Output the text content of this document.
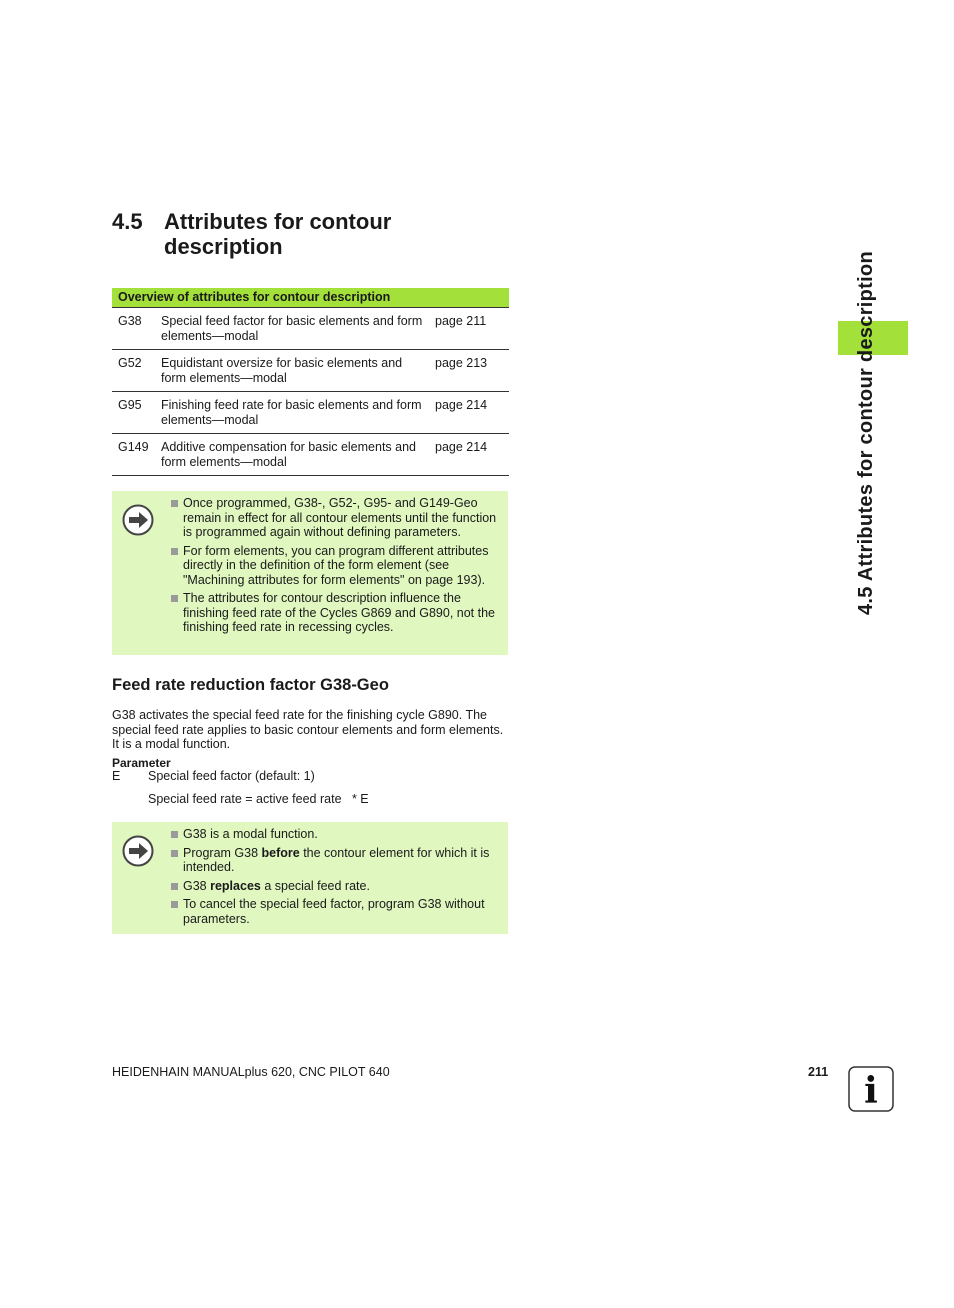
4.5 Attributes for contour description
Overview of attributes for contour description
G38 Special feed factor for basic elements and form elements—modal
page 211
G52 Equidistant oversize for basic elements and form elements—modal
page 213
G95 Finishing feed rate for basic elements and form elements—modal
page 214
G149 Additive compensation for basic elements and form elements—modal
page 214
Once programmed, G38-, G52-, G95- and G149-Geo remain in effect for all contour elements until the function is programmed again without defining parameters.
For form elements, you can program different attributes directly in the definition of the form element (see "Machining attributes for form elements" on page 193).
The attributes for contour description influence the finishing feed rate of the Cycles G869 and G890, not the finishing feed rate in recessing cycles.
Feed rate reduction factor G38-Geo
G38 activates the special feed rate for the finishing cycle G890. The special feed rate applies to basic contour elements and form elements. It is a modal function.
Parameter
E Special feed factor (default: 1)
Special feed rate = active feed rate   * E
G38 is a modal function.
Program G38 before the contour element for which it is intended.
G38 replaces a special feed rate.
To cancel the special feed factor, program G38 without parameters.
4.5 Attributes for contour description
HEIDENHAIN MANUALplus 620, CNC PILOT 640	211 i
